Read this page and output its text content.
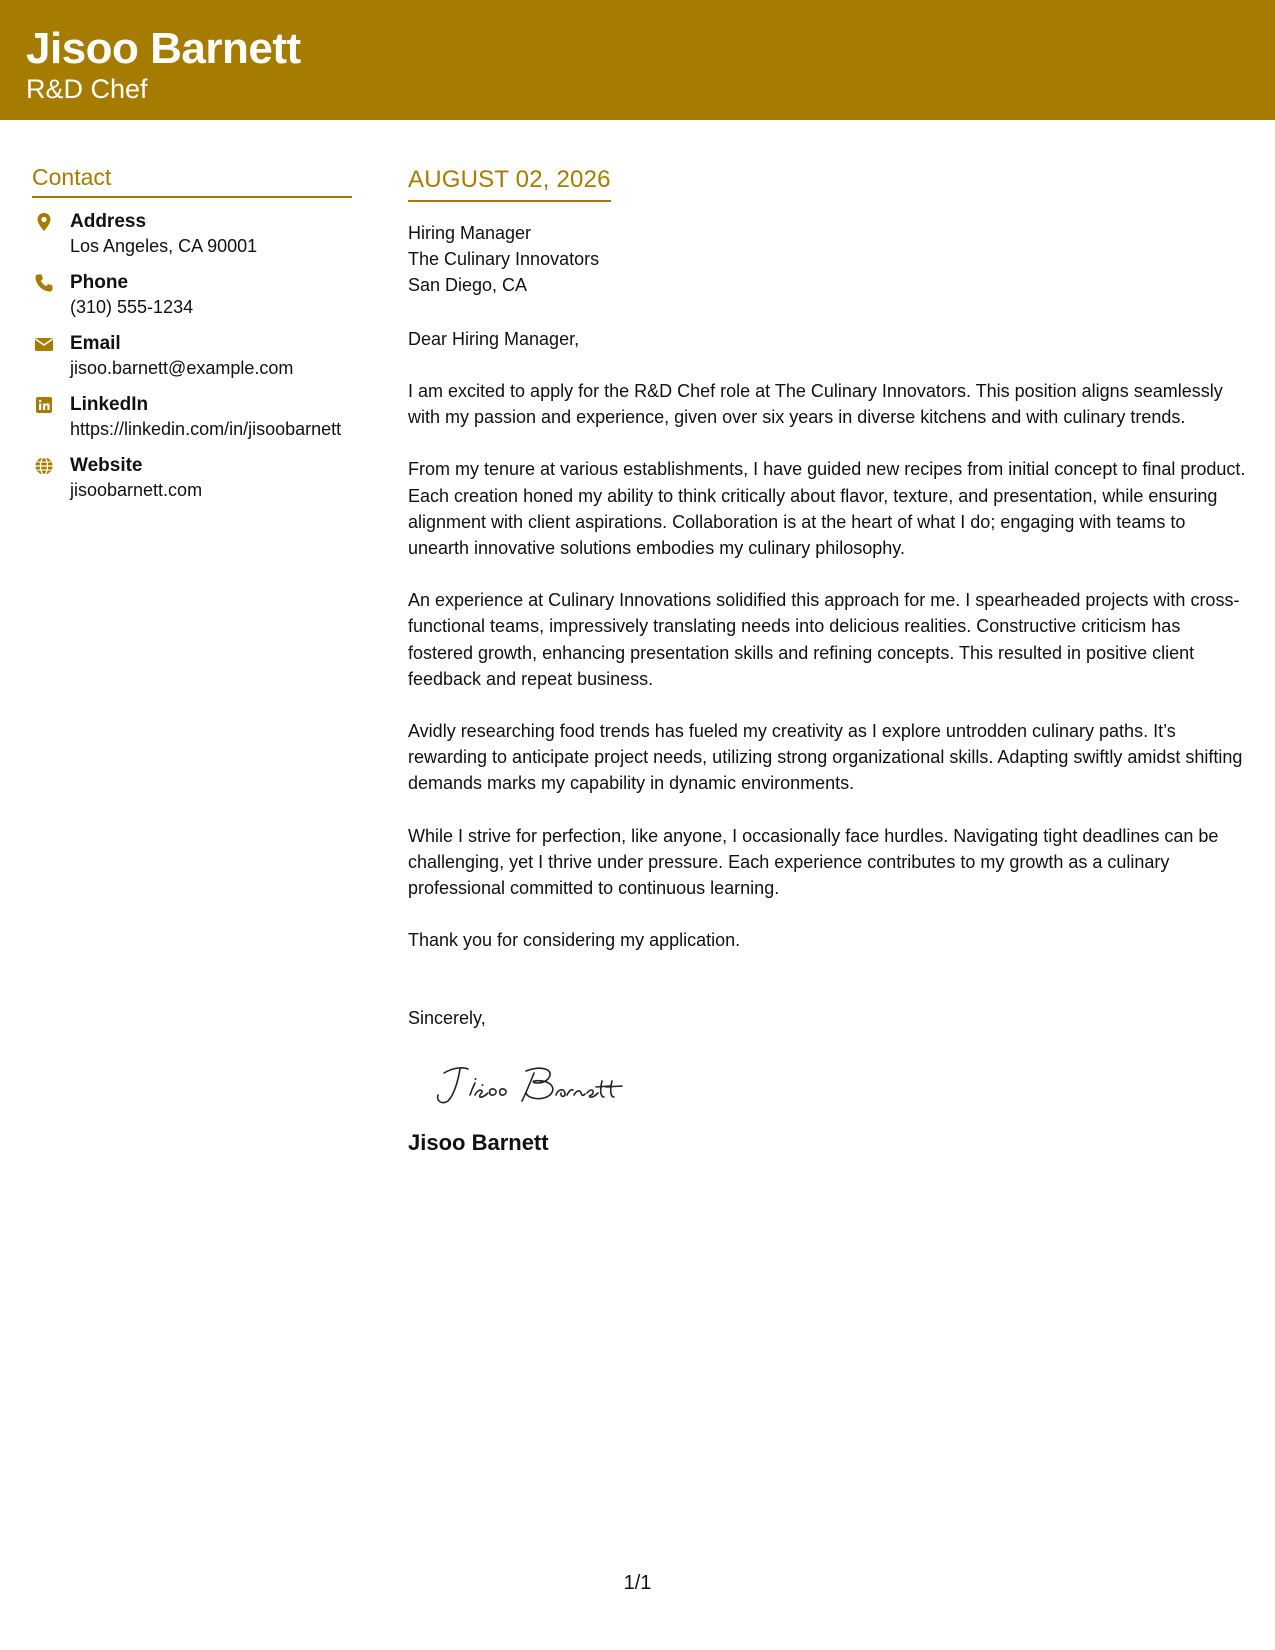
Jisoo Barnett
R&D Chef
Contact
Address
Los Angeles, CA 90001
Phone
(310) 555-1234
Email
jisoo.barnett@example.com
LinkedIn
https://linkedin.com/in/jisoobarnett
Website
jisoobarnett.com
AUGUST 02, 2026
Hiring Manager
The Culinary Innovators
San Diego, CA
Dear Hiring Manager,
I am excited to apply for the R&D Chef role at The Culinary Innovators. This position aligns seamlessly with my passion and experience, given over six years in diverse kitchens and with culinary trends.
From my tenure at various establishments, I have guided new recipes from initial concept to final product. Each creation honed my ability to think critically about flavor, texture, and presentation, while ensuring alignment with client aspirations. Collaboration is at the heart of what I do; engaging with teams to unearth innovative solutions embodies my culinary philosophy.
An experience at Culinary Innovations solidified this approach for me. I spearheaded projects with cross-functional teams, impressively translating needs into delicious realities. Constructive criticism has fostered growth, enhancing presentation skills and refining concepts. This resulted in positive client feedback and repeat business.
Avidly researching food trends has fueled my creativity as I explore untrodden culinary paths. It’s rewarding to anticipate project needs, utilizing strong organizational skills. Adapting swiftly amidst shifting demands marks my capability in dynamic environments.
While I strive for perfection, like anyone, I occasionally face hurdles. Navigating tight deadlines can be challenging, yet I thrive under pressure. Each experience contributes to my growth as a culinary professional committed to continuous learning.
Thank you for considering my application.
Sincerely,
Jisoo Barnett
1/1
